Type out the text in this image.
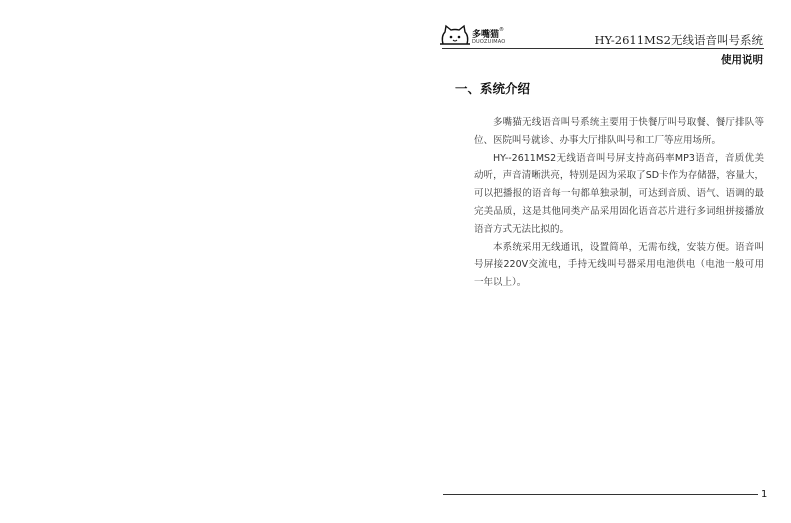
多嘴猫®
DUOZUIMAO	HY-2611MS2无线语音叫号系统
使用说明
一、系统介绍

多嘴猫无线语音叫号系统主要用于快餐厅叫号取餐、餐厅排队等位、医院叫号就诊、办事大厅排队叫号和工厂等应用场所。

HY--2611MS2无线语音叫号屏支持高码率MP3语音，音质优美动听，声音清晰洪亮，特别是因为采取了SD卡作为存储器，容量大，可以把播报的语音每一句都单独录制，可达到音质、语气、语调的最完美品质，这是其他同类产品采用固化语音芯片进行多词组拼接播放语音方式无法比拟的。

本系统采用无线通讯，设置简单，无需布线，安装方便。语音叫号屏接220V交流电，手持无线叫号器采用电池供电（电池一般可用一年以上）。

1
